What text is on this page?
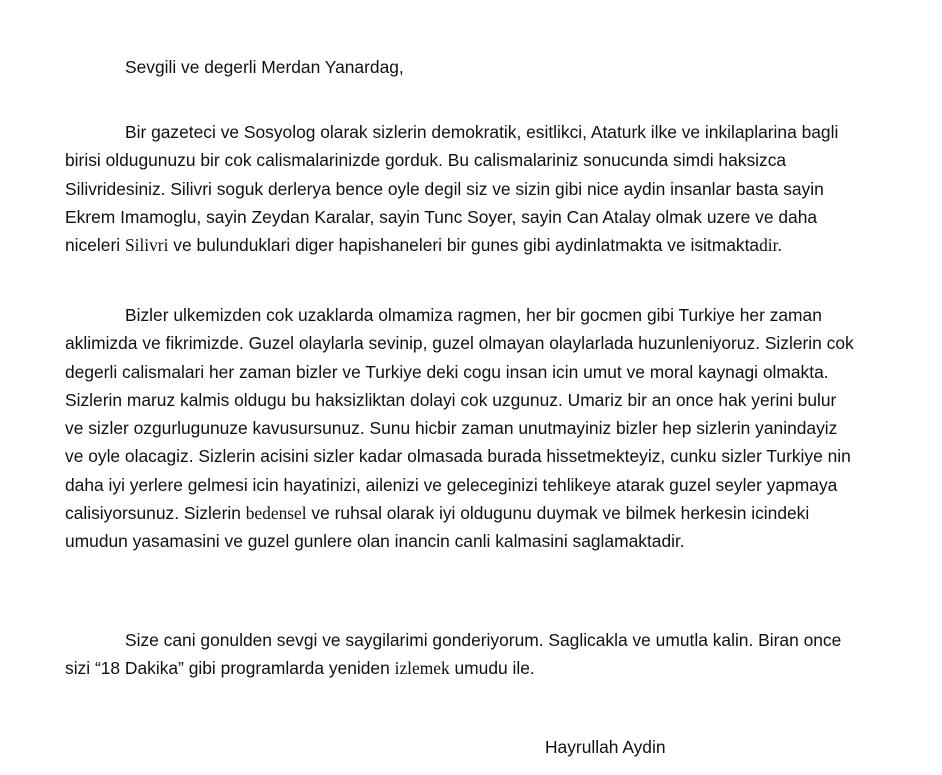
Sevgili ve degerli Merdan Yanardag,

Bir gazeteci ve Sosyolog olarak sizlerin demokratik, esitlikci, Ataturk ilke ve inkilaplarina bagli birisi oldugunuzu bir cok calismalarinizde gorduk. Bu calismalariniz sonucunda simdi haksizca Silivridesiniz. Silivri soguk derlerya bence oyle degil siz ve sizin gibi nice aydin insanlar basta sayin Ekrem Imamoglu, sayin Zeydan Karalar, sayin Tunc Soyer, sayin Can Atalay olmak uzere ve daha niceleri Silivri ve bulunduklari diger hapishaneleri bir gunes gibi aydinlatmakta ve isitmaktadir.

Bizler ulkemizden cok uzaklarda olmamiza ragmen, her bir gocmen gibi Turkiye her zaman aklimizda ve fikrimizde. Guzel olaylarla sevinip, guzel olmayan olaylarlada huzunleniyoruz. Sizlerin cok degerli calismalari her zaman bizler ve Turkiye deki cogu insan icin umut ve moral kaynagi olmakta. Sizlerin maruz kalmis oldugu bu haksizliktan dolayi cok uzgunuz. Umariz bir an once hak yerini bulur ve sizler ozgurlugunuze kavusursunuz. Sunu hicbir zaman unutmayiniz bizler hep sizlerin yanindayiz ve oyle olacagiz. Sizlerin acisini sizler kadar olmasada burada hissetmekteyiz, cunku sizler Turkiye nin daha iyi yerlere gelmesi icin hayatinizi, ailenizi ve geleceginizi tehlikeye atarak guzel seyler yapmaya calisiyorsunuz. Sizlerin bedensel ve ruhsal olarak iyi oldugunu duymak ve bilmek herkesin icindeki umudun yasamasini ve guzel gunlere olan inancin canli kalmasini saglamaktadir.

Size cani gonulden sevgi ve saygilarimi gonderiyorum. Saglicakla ve umutla kalin. Biran once sizi “18 Dakika” gibi programlarda yeniden izlemek umudu ile.

Hayrullah Aydin
